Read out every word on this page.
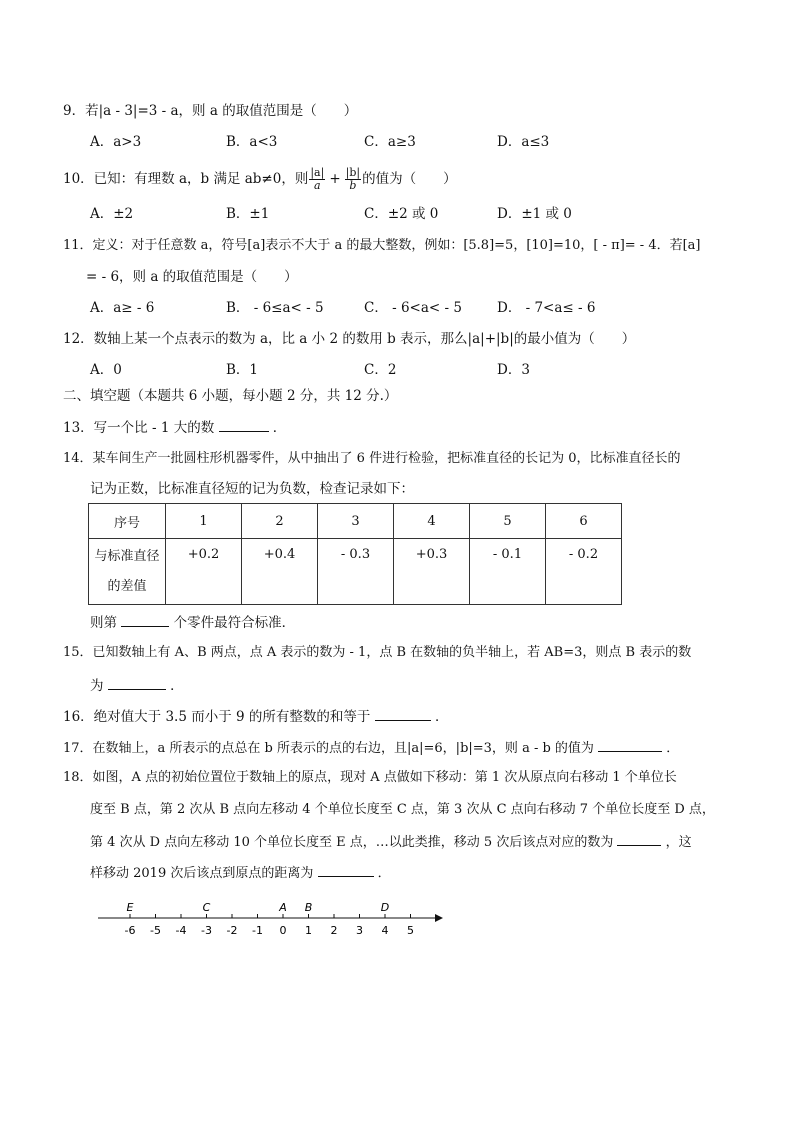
9．若|a - 3|=3 - a，则 a 的取值范围是（　　）
A．a>3	B．a<3	C．a≥3	D．a≤3
10．已知：有理数 a，b 满足 ab≠0，则 $\frac{|a|}{a} + \frac{|b|}{b}$ 的值为（　　）
A．±2	B．±1	C．±2 或 0	D．±1 或 0
11．定义：对于任意数 a，符号[a]表示不大于 a 的最大整数，例如：[5.8]=5，[10]=10，[ - π]= - 4．若[a]
= - 6，则 a 的取值范围是（　　）
A．a≥ - 6	B． - 6≤a< - 5	C． - 6<a< - 5	D． - 7<a≤ - 6
12．数轴上某一个点表示的数为 a，比 a 小 2 的数用 b 表示，那么|a|+|b|的最小值为（　　）
A．0	B．1	C．2	D．3
二、填空题（本题共 6 小题，每小题 2 分，共 12 分.）
13．写一个比 - 1 大的数	．
14．某车间生产一批圆柱形机器零件，从中抽出了 6 件进行检验，把标准直径的长记为 0，比标准直径长的
记为正数，比标准直径短的记为负数，检查记录如下：
序号	1	2	3	4	5	6

与标准直径
的差值	+0.2	+0.4	- 0.3	+0.3	- 0.1	- 0.2
则第	个零件最符合标准．
15．已知数轴上有 A、B 两点，点 A 表示的数为 - 1，点 B 在数轴的负半轴上，若 AB=3，则点 B 表示的数
为	．
16．绝对值大于 3.5 而小于 9 的所有整数的和等于	．
17．在数轴上，a 所表示的点总在 b 所表示的点的右边，且|a|=6，|b|=3，则 a - b 的值为	．
18．如图，A 点的初始位置位于数轴上的原点，现对 A 点做如下移动：第 1 次从原点向右移动 1 个单位长
度至 B 点，第 2 次从 B 点向左移动 4 个单位长度至 C 点，第 3 次从 C 点向右移动 7 个单位长度至 D 点，
第 4 次从 D 点向左移动 10 个单位长度至 E 点，…以此类推，移动 5 次后该点对应的数为	，这
样移动 2019 次后该点到原点的距离为	．
-6 -5 -4 -3 -2 -1 0 1 2 3 4 5
E	C	A B	D
